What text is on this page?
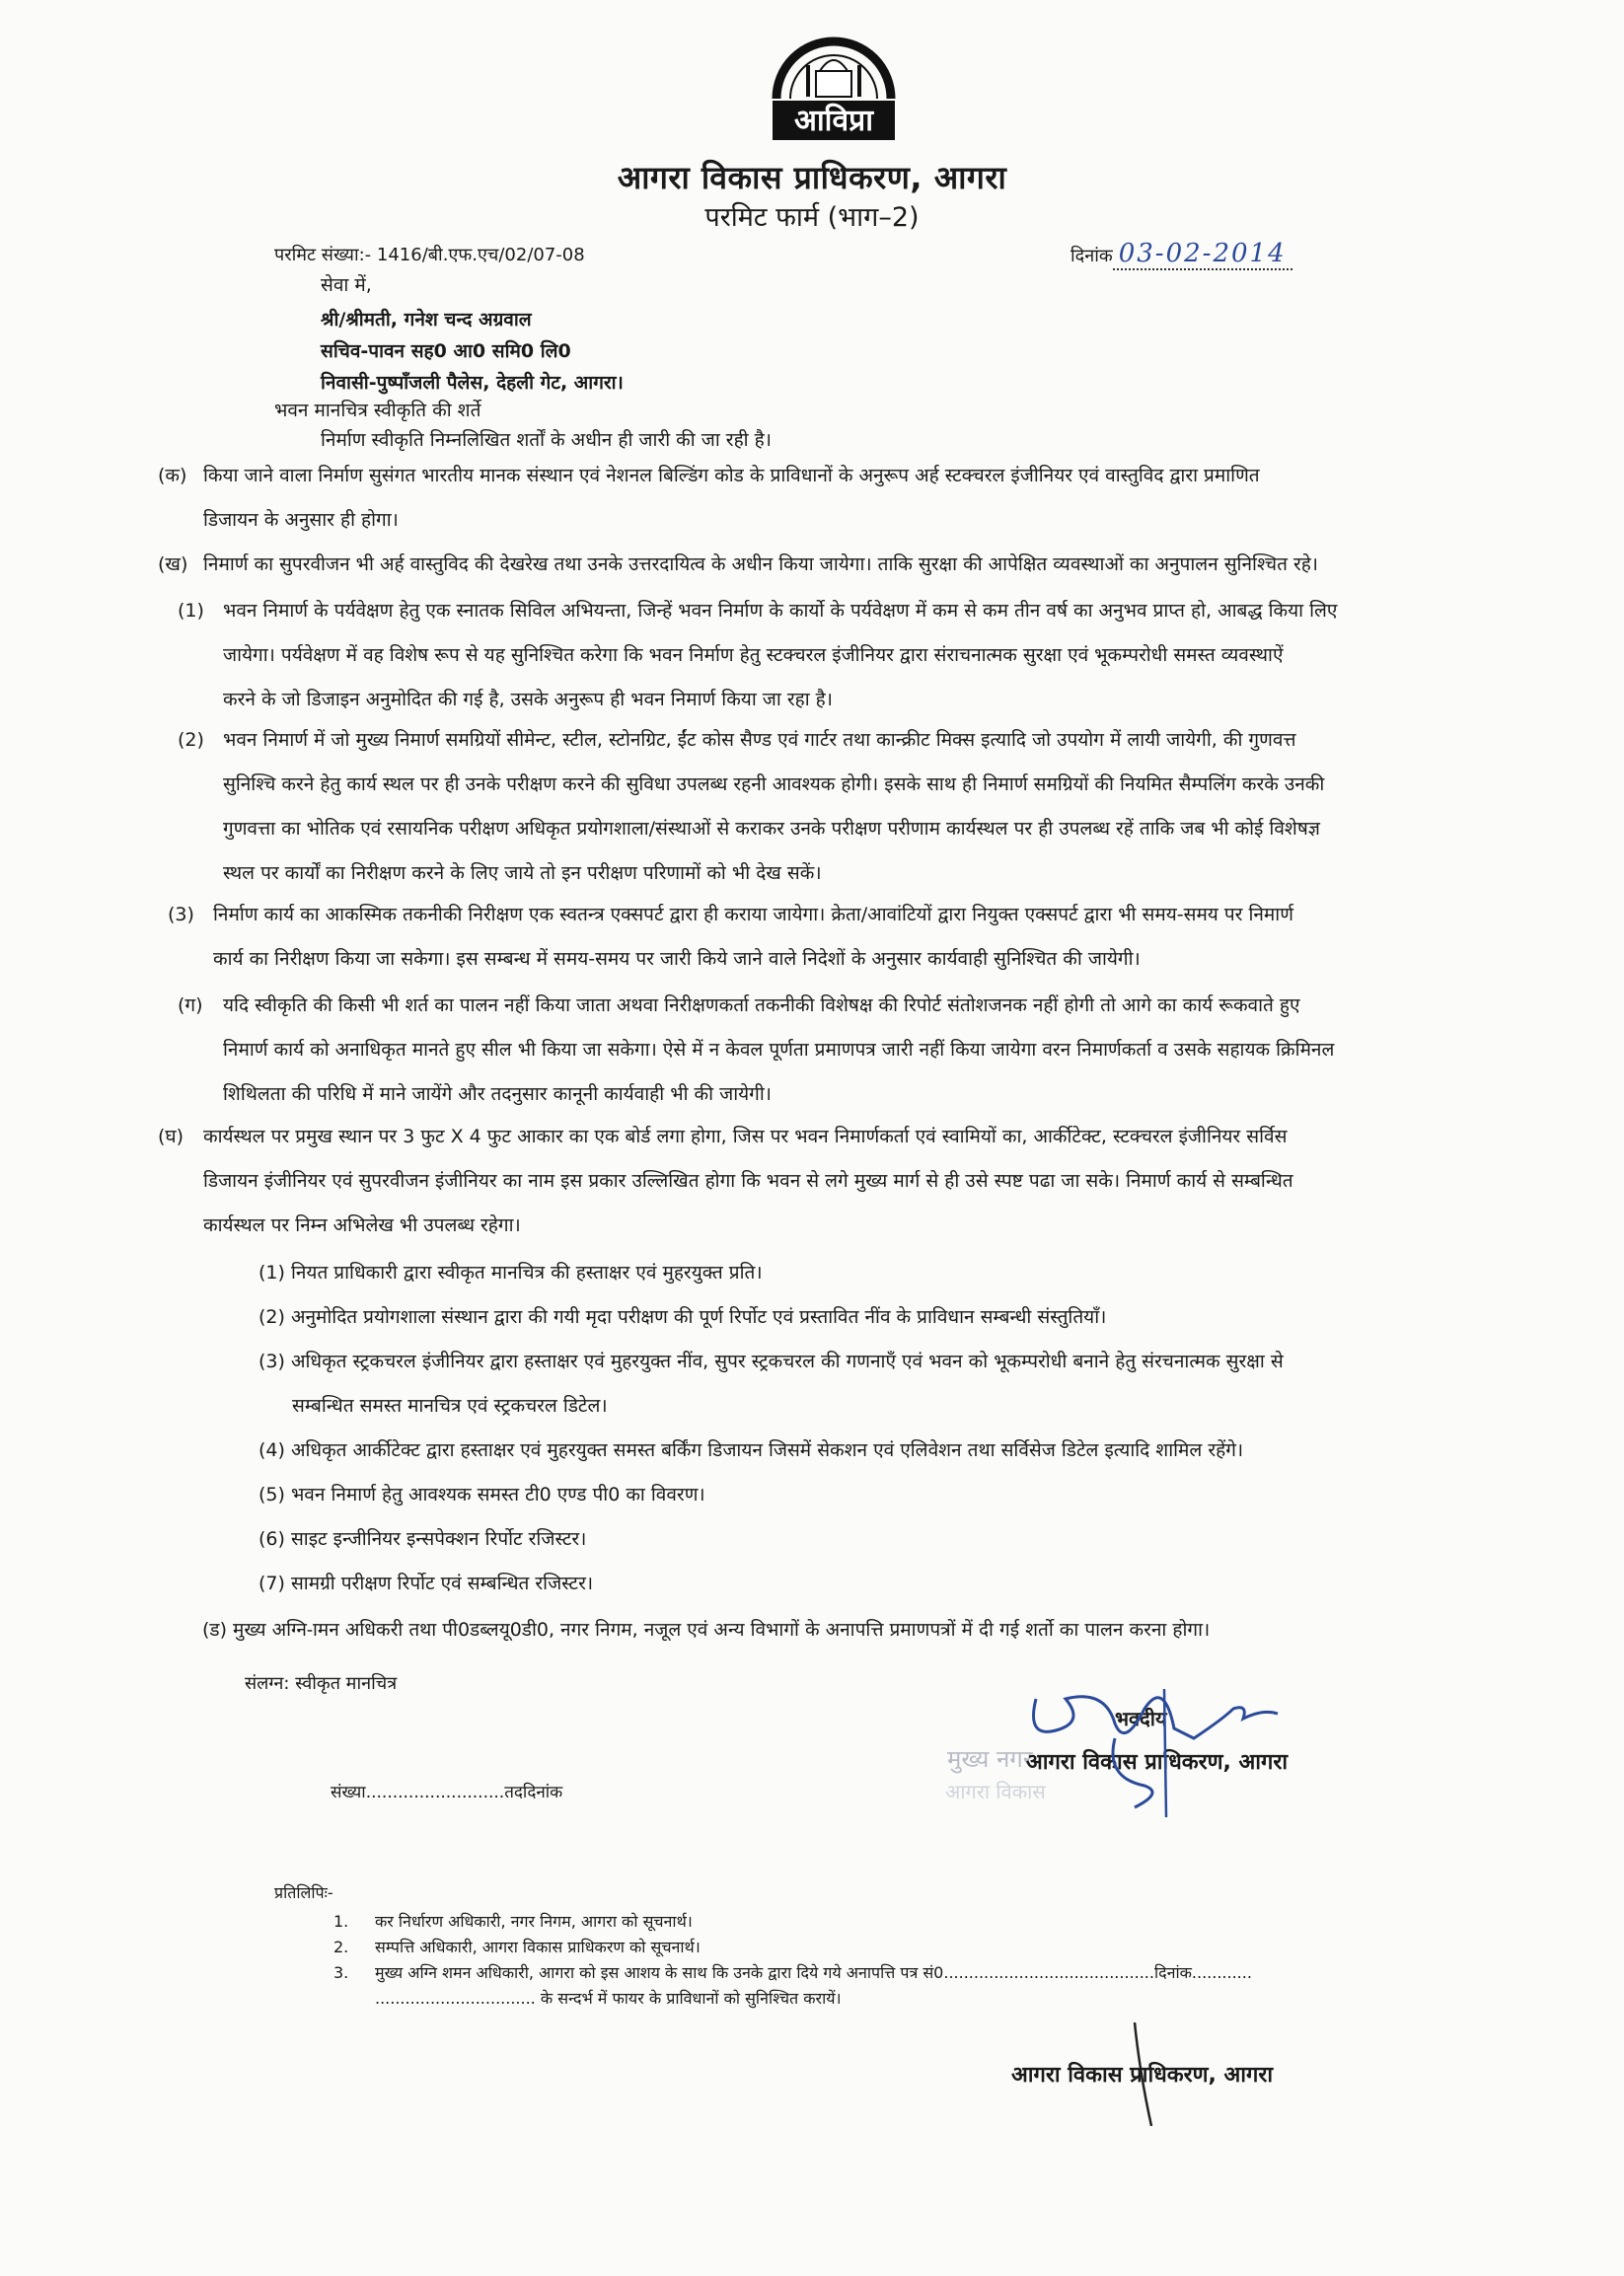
आविप्रा
आगरा विकास प्राधिकरण, आगरा
परमिट फार्म (भाग–2)
परमिट संख्या:- 1416/बी.एफ.एच/02/07-08	दिनांक 03-02-2014
सेवा में,
श्री/श्रीमती, गनेश चन्द अग्रवाल
सचिव-पावन सह0 आ0 समि0 लि0
निवासी-पुष्पाँजली पैलेस, देहली गेट, आगरा।
भवन मानचित्र स्वीकृति की शर्ते
निर्माण स्वीकृति निम्नलिखित शर्तों के अधीन ही जारी की जा रही है।
(क) किया जाने वाला निर्माण सुसंगत भारतीय मानक संस्थान एवं नेशनल बिल्डिंग कोड के प्राविधानों के अनुरूप अर्ह स्टक्चरल इंजीनियर एवं वास्तुविद द्वारा प्रमाणित
डिजायन के अनुसार ही होगा।
(ख) निमार्ण का सुपरवीजन भी अर्ह वास्तुविद की देखरेख तथा उनके उत्तरदायित्व के अधीन किया जायेगा। ताकि सुरक्षा की आपेक्षित व्यवस्थाओं का अनुपालन सुनिश्चित रहे।
(1) भवन निमार्ण के पर्यवेक्षण हेतु एक स्नातक सिविल अभियन्ता, जिन्हें भवन निर्माण के कार्यो के पर्यवेक्षण में कम से कम तीन वर्ष का अनुभव प्राप्त हो, आबद्ध किया लिए
जायेगा। पर्यवेक्षण में वह विशेष रूप से यह सुनिश्चित करेगा कि भवन निर्माण हेतु स्टक्चरल इंजीनियर द्वारा संराचनात्मक सुरक्षा एवं भूकम्परोधी समस्त व्यवस्थाऐं
करने के जो डिजाइन अनुमोदित की गई है, उसके अनुरूप ही भवन निमार्ण किया जा रहा है।
(2) भवन निमार्ण में जो मुख्य निमार्ण समग्रियों सीमेन्ट, स्टील, स्टोनग्रिट, ईंट कोस सैण्ड एवं गार्टर तथा कान्क्रीट मिक्स इत्यादि जो उपयोग में लायी जायेगी, की गुणवत्त
सुनिश्चि करने हेतु कार्य स्थल पर ही उनके परीक्षण करने की सुविधा उपलब्ध रहनी आवश्यक होगी। इसके साथ ही निमार्ण समग्रियों की नियमित सैम्पलिंग करके उनकी
गुणवत्ता का भोतिक एवं रसायनिक परीक्षण अधिकृत प्रयोगशाला/संस्थाओं से कराकर उनके परीक्षण परीणाम कार्यस्थल पर ही उपलब्ध रहें ताकि जब भी कोई विशेषज्ञ
स्थल पर कार्यों का निरीक्षण करने के लिए जाये तो इन परीक्षण परिणामों को भी देख सकें।
(3) निर्माण कार्य का आकस्मिक तकनीकी निरीक्षण एक स्वतन्त्र एक्सपर्ट द्वारा ही कराया जायेगा। क्रेता/आवांटियों द्वारा नियुक्त एक्सपर्ट द्वारा भी समय-समय पर निमार्ण
कार्य का निरीक्षण किया जा सकेगा। इस सम्बन्ध में समय-समय पर जारी किये जाने वाले निदेशों के अनुसार कार्यवाही सुनिश्चित की जायेगी।
(ग) यदि स्वीकृति की किसी भी शर्त का पालन नहीं किया जाता अथवा निरीक्षणकर्ता तकनीकी विशेषक्ष की रिपोर्ट संतोशजनक नहीं होगी तो आगे का कार्य रूकवाते हुए
निमार्ण कार्य को अनाधिकृत मानते हुए सील भी किया जा सकेगा। ऐसे में न केवल पूर्णता प्रमाणपत्र जारी नहीं किया जायेगा वरन निमार्णकर्ता व उसके सहायक क्रिमिनल
शिथिलता की परिधि में माने जायेंगे और तदनुसार कानूनी कार्यवाही भी की जायेगी।
(घ) कार्यस्थल पर प्रमुख स्थान पर 3 फुट X 4 फुट आकार का एक बोर्ड लगा होगा, जिस पर भवन निमार्णकर्ता एवं स्वामियों का, आर्कीटेक्ट, स्टक्चरल इंजीनियर सर्विस
डिजायन इंजीनियर एवं सुपरवीजन इंजीनियर का नाम इस प्रकार उल्लिखित होगा कि भवन से लगे मुख्य मार्ग से ही उसे स्पष्ट पढा जा सके। निमार्ण कार्य से सम्बन्धित
कार्यस्थल पर निम्न अभिलेख भी उपलब्ध रहेगा।
(1) नियत प्राधिकारी द्वारा स्वीकृत मानचित्र की हस्ताक्षर एवं मुहरयुक्त प्रति।
(2) अनुमोदित प्रयोगशाला संस्थान द्वारा की गयी मृदा परीक्षण की पूर्ण रिर्पोट एवं प्रस्तावित नींव के प्राविधान सम्बन्धी संस्तुतियाँ।
(3) अधिकृत स्ट्रकचरल इंजीनियर द्वारा हस्ताक्षर एवं मुहरयुक्त नींव, सुपर स्ट्रकचरल की गणनाएँ एवं भवन को भूकम्परोधी बनाने हेतु संरचनात्मक सुरक्षा से
सम्बन्धित समस्त मानचित्र एवं स्ट्रकचरल डिटेल।
(4) अधिकृत आर्कीटेक्ट द्वारा हस्ताक्षर एवं मुहरयुक्त समस्त बर्किंग डिजायन जिसमें सेकशन एवं एलिवेशन तथा सर्विसेज डिटेल इत्यादि शामिल रहेंगे।
(5) भवन निमार्ण हेतु आवश्यक समस्त टी0 एण्ड पी0 का विवरण।
(6) साइट इन्जीनियर इन्सपेक्शन रिर्पोट रजिस्टर।
(7) सामग्री परीक्षण रिर्पोट एवं सम्बन्धित रजिस्टर।
(ड) मुख्य अग्नि-ामन अधिकरी तथा पी0डब्लयू0डी0, नगर निगम, नजूल एवं अन्य विभागों के अनापत्ति प्रमाणपत्रों में दी गई शर्तो का पालन करना होगा।
संलग्न: स्वीकृत मानचित्र
मुख्य नगर
आगरा विकास
भवदीय
आगरा विकास प्राधिकरण, आगरा
संख्या..........................तददिनांक
प्रतिलिपिः-
1. कर निर्धारण अधिकारी, नगर निगम, आगरा को सूचनार्थ।
2. सम्पत्ति अधिकारी, आगरा विकास प्राधिकरण को सूचनार्थ।
3. मुख्य अग्नि शमन अधिकारी, आगरा को इस आशय के साथ कि उनके द्वारा दिये गये अनापत्ति पत्र सं0..........................................दिनांक............
................................ के सन्दर्भ में फायर के प्राविधानों को सुनिश्चित करायें।
आगरा विकास प्राधिकरण, आगरा
